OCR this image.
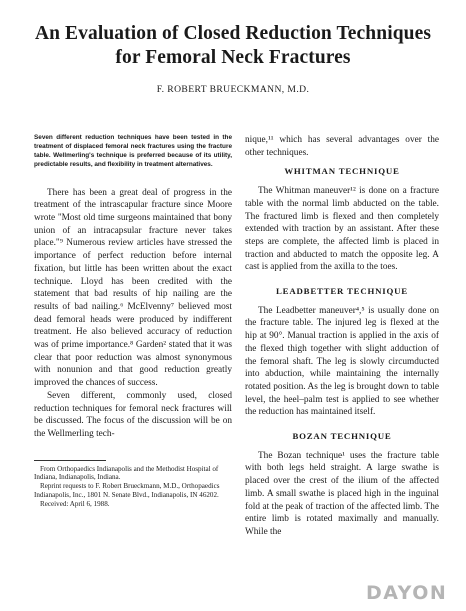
An Evaluation of Closed Reduction Techniques
for Femoral Neck Fractures
F. ROBERT BRUECKMANN, M.D.

Seven different reduction techniques have been tested in the treatment of displaced femoral neck fractures using the fracture table. Wellmerling's technique is preferred because of its utility, predictable results, and flexibility in treatment alternatives.

There has been a great deal of progress in the treatment of the intrascapular fracture since Moore wrote "Most old time surgeons maintained that bony union of an intracapsular fracture never takes place."⁹ Numerous review articles have stressed the importance of perfect reduction before internal fixation, but little has been written about the exact technique. Lloyd has been credited with the statement that bad results of hip nailing are the results of bad nailing.⁶ McElvenny⁷ believed most dead femoral heads were produced by indifferent treatment. He also believed accuracy of reduction was of prime importance.⁸ Garden² stated that it was clear that poor reduction was almost synonymous with nonunion and that good reduction greatly improved the chances of success.

Seven different, commonly used, closed reduction techniques for femoral neck fractures will be discussed. The focus of the discussion will be on the Wellmerling tech-

From Orthopaedics Indianapolis and the Methodist Hospital of Indiana, Indianapolis, Indiana.

Reprint requests to F. Robert Brueckmann, M.D., Orthopaedics Indianapolis, Inc., 1801 N. Senate Blvd., Indianapolis, IN 46202.

Received: April 6, 1988.

nique,¹¹ which has several advantages over the other techniques.

WHITMAN TECHNIQUE

The Whitman maneuver¹² is done on a fracture table with the normal limb abducted on the table. The fractured limb is flexed and then completely extended with traction by an assistant. After these steps are complete, the affected limb is placed in traction and abducted to match the opposite leg. A cast is applied from the axilla to the toes.

LEADBETTER TECHNIQUE

The Leadbetter maneuver⁴,⁵ is usually done on the fracture table. The injured leg is flexed at the hip at 90°. Manual traction is applied in the axis of the flexed thigh together with slight adduction of the femoral shaft. The leg is slowly circumducted into abduction, while maintaining the internally rotated position. As the leg is brought down to table level, the heel–palm test is applied to see whether the reduction has maintained itself.

BOZAN TECHNIQUE

The Bozan technique¹ uses the fracture table with both legs held straight. A large swathe is placed over the crest of the ilium of the affected limb. A small swathe is placed high in the inguinal fold at the peak of traction of the affected limb. The entire limb is rotated maximally and manually. While the

DAYON
